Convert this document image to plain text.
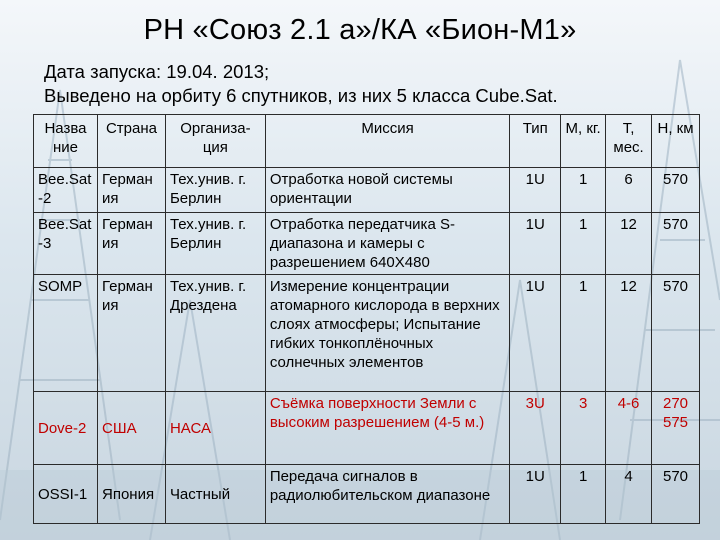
РН «Союз 2.1 а»/КА «Бион-М1»
Дата запуска: 19.04. 2013;
Выведено на орбиту 6 спутников, из них 5 класса Cube.Sat.
Назва ние	Страна	Организа- ция	Миссия	Тип	М, кг.	Т, мес.	Н, км
Bee.Sat -2	Герман ия	Тех.унив. г. Берлин	Отработка новой системы ориентации	1U	1	6	570
Bee.Sat -3	Герман ия	Тех.унив. г. Берлин	Отработка передатчика S-диапазона и камеры с разрешением 640X480	1U	1	12	570
SOMP	Герман ия	Тех.унив. г. Дрездена	Измерение концентрации атомарного кислорода в верхних слоях атмосферы; Испытание гибких тонкоплёночных солнечных элементов	1U	1	12	570
Dove-2	США	НАСА	Съёмка поверхности Земли с высоким разрешением (4-5 м.)	3U	3	4-6	270 575
OSSI-1	Япония	Частный	Передача сигналов в радиолюбительском диапазоне	1U	1	4	570
